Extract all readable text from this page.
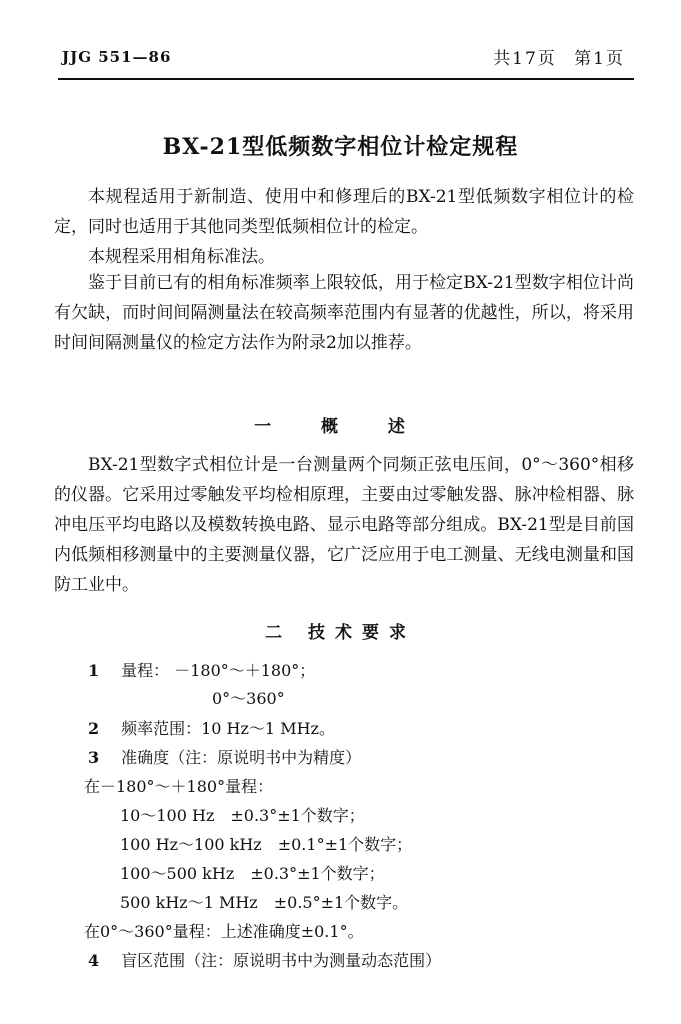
JJG 551—86	共17页 第1页
BX-21型低频数字相位计检定规程

本规程适用于新制造、使用中和修理后的BX-21型低频数字相位计的检定，同时也适用于其他同类型低频相位计的检定。

本规程采用相角标准法。

鉴于目前已有的相角标准频率上限较低，用于检定BX-21型数字相位计尚有欠缺，而时间间隔测量法在较高频率范围内有显著的优越性，所以，将采用时间间隔测量仪的检定方法作为附录2加以推荐。

一 概 述

BX-21型数字式相位计是一台测量两个同频正弦电压间，0°～360°相移的仪器。它采用过零触发平均检相原理，主要由过零触发器、脉冲检相器、脉冲电压平均电路以及模数转换电路、显示电路等部分组成。BX-21型是目前国内低频相移测量中的主要测量仪器，它广泛应用于电工测量、无线电测量和国防工业中。

二 技术要求
1 量程： －180°～＋180°；
0°～360°
2 频率范围：10 Hz～1 MHz。
3 准确度（注：原说明书中为精度）
在－180°～＋180°量程：
10～100 Hz　±0.3°±1个数字；
100 Hz～100 kHz　±0.1°±1个数字；
100～500 kHz　±0.3°±1个数字；
500 kHz～1 MHz　±0.5°±1个数字。
在0°～360°量程：上述准确度±0.1°。
4 盲区范围（注：原说明书中为测量动态范围）
